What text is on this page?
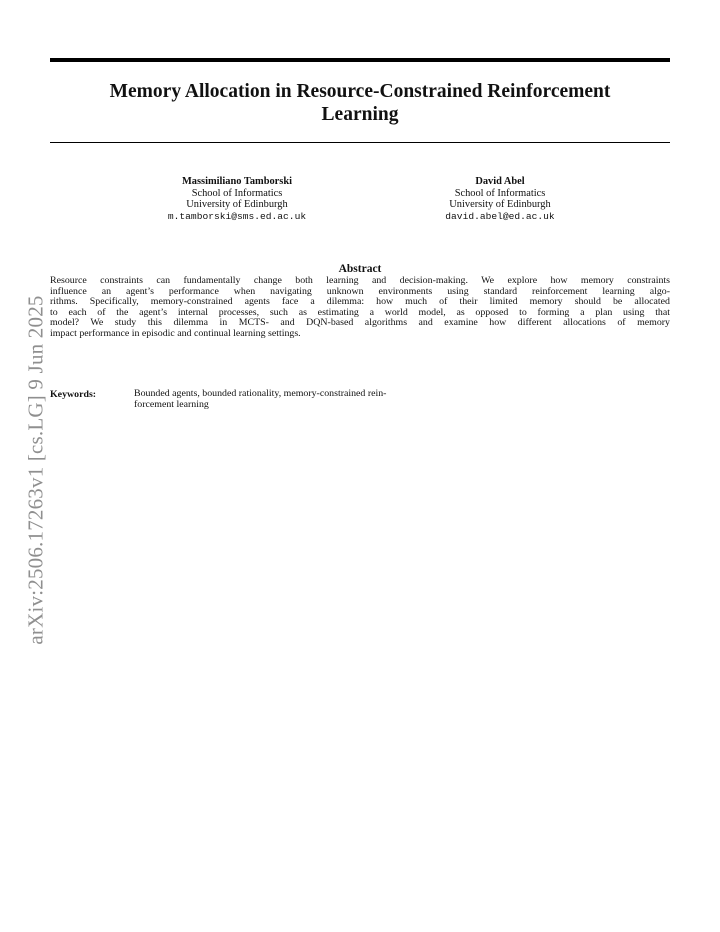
Memory Allocation in Resource-Constrained Reinforcement
Learning
Massimiliano Tamborski
School of Informatics
University of Edinburgh
m.tamborski@sms.ed.ac.uk
David Abel
School of Informatics
University of Edinburgh
david.abel@ed.ac.uk
Abstract
Resource constraints can fundamentally change both learning and decision-making. We explore how memory constraints
influence an agent’s performance when navigating unknown environments using standard reinforcement learning algo-
rithms. Specifically, memory-constrained agents face a dilemma: how much of their limited memory should be allocated
to each of the agent’s internal processes, such as estimating a world model, as opposed to forming a plan using that
model? We study this dilemma in MCTS- and DQN-based algorithms and examine how different allocations of memory
impact performance in episodic and continual learning settings.
Keywords:	Bounded agents, bounded rationality, memory-constrained rein-
forcement learning
arXiv:2506.17263v1 [cs.LG] 9 Jun 2025
